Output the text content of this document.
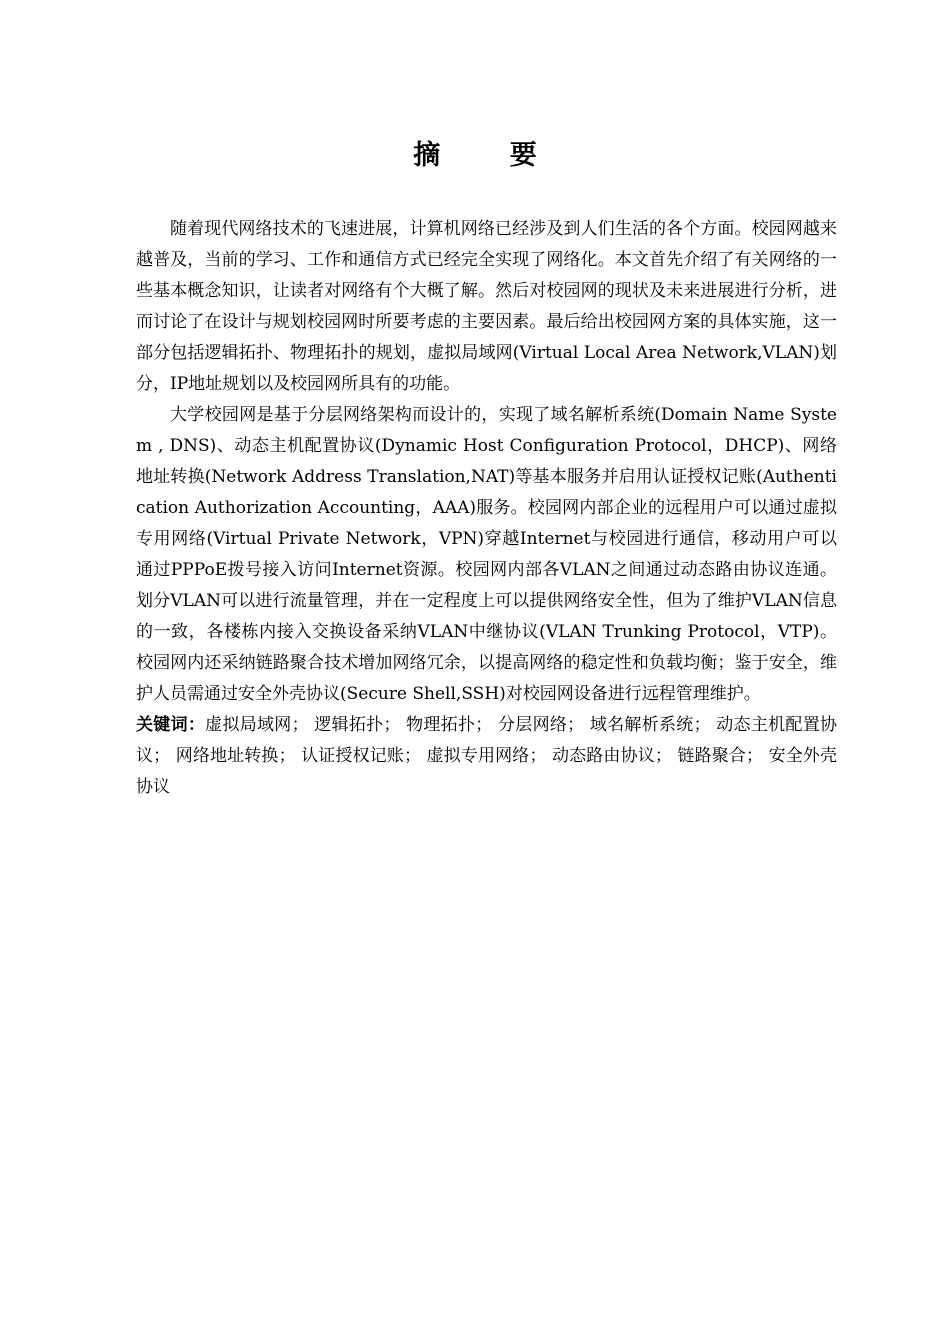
摘 要

随着现代网络技术的飞速进展，计算机网络已经涉及到人们生活的各个方面。校园网越来越普及，当前的学习、工作和通信方式已经完全实现了网络化。本文首先介绍了有关网络的一些基本概念知识，让读者对网络有个大概了解。然后对校园网的现状及未来进展进行分析，进而讨论了在设计与规划校园网时所要考虑的主要因素。最后给出校园网方案的具体实施，这一部分包括逻辑拓扑、物理拓扑的规划，虚拟局域网(Virtual Local Area Network,VLAN)划分，IP地址规划以及校园网所具有的功能。

大学校园网是基于分层网络架构而设计的，实现了域名解析系统(Domain Name System , DNS)、动态主机配置协议(Dynamic Host Configuration Protocol，DHCP)、网络地址转换(Network Address Translation,NAT)等基本服务并启用认证授权记账(Authentication Authorization Accounting，AAA)服务。校园网内部企业的远程用户可以通过虚拟专用网络(Virtual Private Network，VPN)穿越Internet与校园进行通信，移动用户可以通过PPPoE拨号接入访问Internet资源。校园网内部各VLAN之间通过动态路由协议连通。划分VLAN可以进行流量管理，并在一定程度上可以提供网络安全性，但为了维护VLAN信息的一致，各楼栋内接入交换设备采纳VLAN中继协议(VLAN Trunking Protocol，VTP)。校园网内还采纳链路聚合技术增加网络冗余，以提高网络的稳定性和负载均衡；鉴于安全，维护人员需通过安全外壳协议(Secure Shell,SSH)对校园网设备进行远程管理维护。

关键词：虚拟局域网； 逻辑拓扑； 物理拓扑； 分层网络； 域名解析系统； 动态主机配置协议； 网络地址转换； 认证授权记账； 虚拟专用网络； 动态路由协议； 链路聚合； 安全外壳协议
